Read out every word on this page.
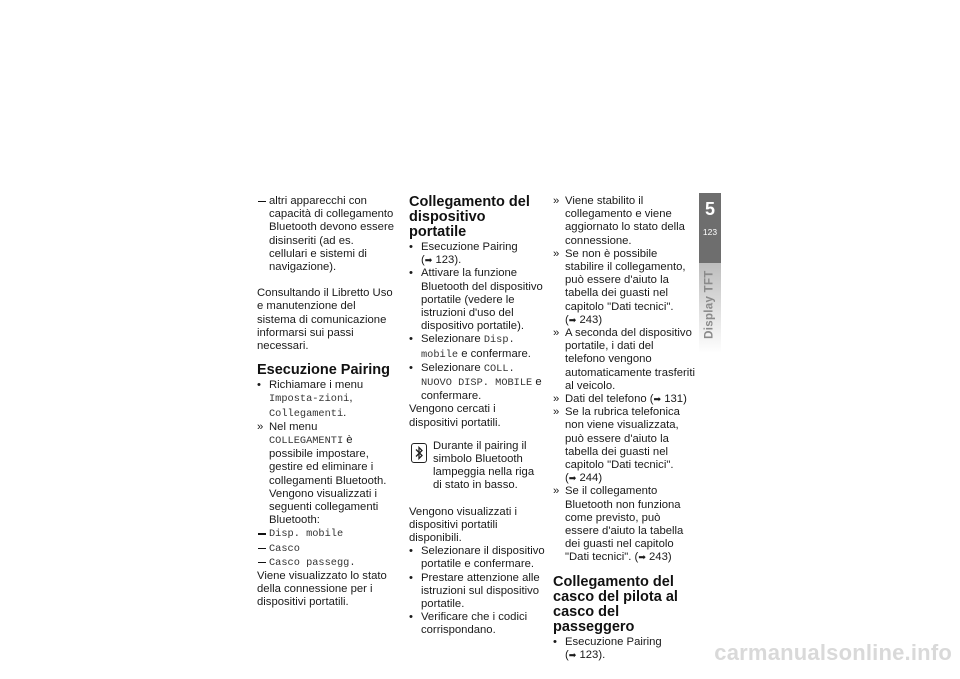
altri apparecchi con capacità di collegamento Bluetooth devono essere disinseriti (ad es. cellulari e sistemi di navigazione).

Consultando il Libretto Uso e manutenzione del sistema di comunicazione informarsi sui passi necessari.

Esecuzione Pairing
• Richiamare i menu Imposta-zioni, Collegamenti.
» Nel menu COLLEGAMENTI è possibile impostare, gestire ed eliminare i collegamenti Bluetooth. Vengono visualizzati i seguenti collegamenti Bluetooth:
Disp. mobile
Casco
Casco passegg.

Viene visualizzato lo stato della connessione per i dispositivi portatili.

Collegamento del dispositivo portatile
• Esecuzione Pairing (➡ 123).
• Attivare la funzione Bluetooth del dispositivo portatile (vedere le istruzioni d'uso del dispositivo portatile).
• Selezionare Disp. mobile e confermare.
• Selezionare COLL. NUOVO DISP. MOBILE e confermare.

Vengono cercati i dispositivi portatili.

Durante il pairing il simbolo Bluetooth lampeggia nella riga di stato in basso.

Vengono visualizzati i dispositivi portatili disponibili.

• Selezionare il dispositivo portatile e confermare.
• Prestare attenzione alle istruzioni sul dispositivo portatile.
• Verificare che i codici corrispondano.
» Viene stabilito il collegamento e viene aggiornato lo stato della connessione.
» Se non è possibile stabilire il collegamento, può essere d'aiuto la tabella dei guasti nel capitolo "Dati tecnici". (➡ 243)
» A seconda del dispositivo portatile, i dati del telefono vengono automaticamente trasferiti al veicolo.
» Dati del telefono (➡ 131)
» Se la rubrica telefonica non viene visualizzata, può essere d'aiuto la tabella dei guasti nel capitolo "Dati tecnici". (➡ 244)
» Se il collegamento Bluetooth non funziona come previsto, può essere d'aiuto la tabella dei guasti nel capitolo "Dati tecnici". (➡ 243)
Collegamento del casco del pilota al casco del passeggero
• Esecuzione Pairing (➡ 123).
5
123
Display TFT
carmanualsonline.info
